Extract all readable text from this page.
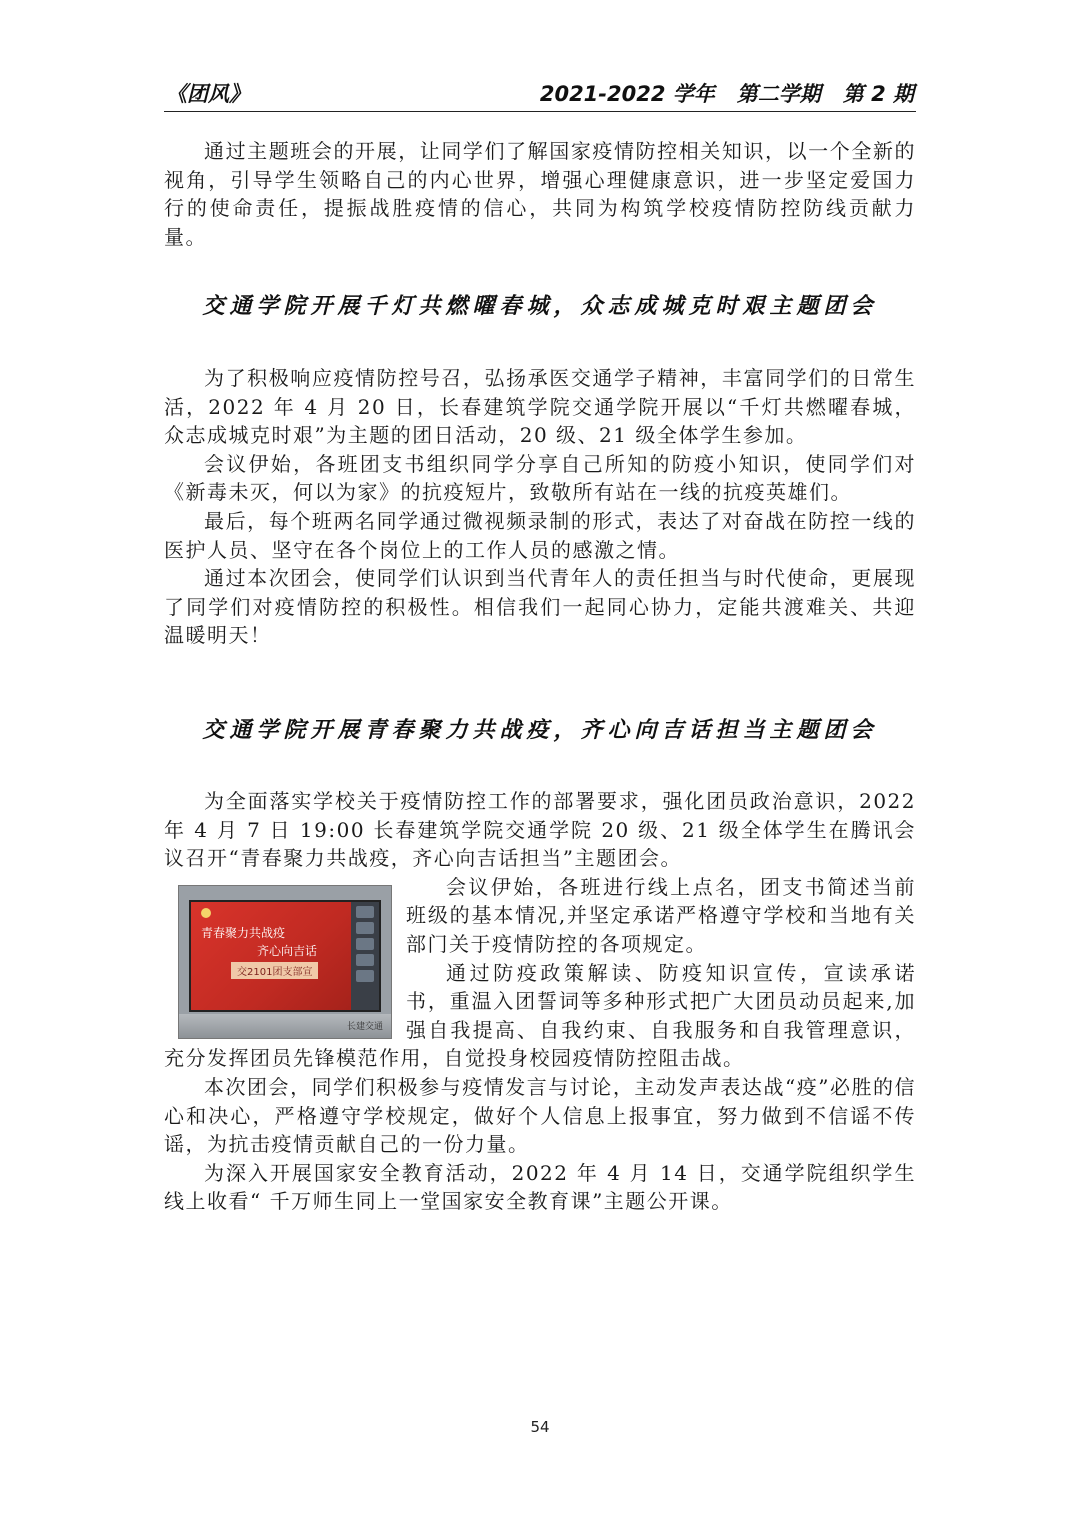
《团风》	2021-2022 学年 第二学期 第 2 期

通过主题班会的开展，让同学们了解国家疫情防控相关知识，以一个全新的视角，引导学生领略自己的内心世界，增强心理健康意识，进一步坚定爱国力行的使命责任，提振战胜疫情的信心，共同为构筑学校疫情防控防线贡献力量。

交通学院开展千灯共燃曜春城，众志成城克时艰主题团会

为了积极响应疫情防控号召，弘扬承医交通学子精神，丰富同学们的日常生活，2022 年 4 月 20 日，长春建筑学院交通学院开展以“千灯共燃曜春城，众志成城克时艰”为主题的团日活动，20 级、21 级全体学生参加。

会议伊始，各班团支书组织同学分享自己所知的防疫小知识，使同学们对《新毒未灭，何以为家》的抗疫短片，致敬所有站在一线的抗疫英雄们。

最后，每个班两名同学通过微视频录制的形式，表达了对奋战在防控一线的医护人员、坚守在各个岗位上的工作人员的感激之情。

通过本次团会，使同学们认识到当代青年人的责任担当与时代使命，更展现了同学们对疫情防控的积极性。相信我们一起同心协力，定能共渡难关、共迎温暖明天！

交通学院开展青春聚力共战疫，齐心向吉话担当主题团会

为全面落实学校关于疫情防控工作的部署要求，强化团员政治意识，2022 年 4 月 7 日 19:00 长春建筑学院交通学院 20 级、21 级全体学生在腾讯会议召开“青春聚力共战疫，齐心向吉话担当”主题团会。

青春聚力共战疫
齐心向吉话
交2101团支部宣
长建交通

会议伊始，各班进行线上点名，团支书简述当前班级的基本情况,并坚定承诺严格遵守学校和当地有关部门关于疫情防控的各项规定。

通过防疫政策解读、防疫知识宣传，宣读承诺书，重温入团誓词等多种形式把广大团员动员起来,加强自我提高、自我约束、自我服务和自我管理意识，充分发挥团员先锋模范作用，自觉投身校园疫情防控阻击战。

本次团会，同学们积极参与疫情发言与讨论，主动发声表达战“疫”必胜的信心和决心，严格遵守学校规定，做好个人信息上报事宜，努力做到不信谣不传谣，为抗击疫情贡献自己的一份力量。

为深入开展国家安全教育活动，2022 年 4 月 14 日，交通学院组织学生线上收看“ 千万师生同上一堂国家安全教育课”主题公开课。

54
